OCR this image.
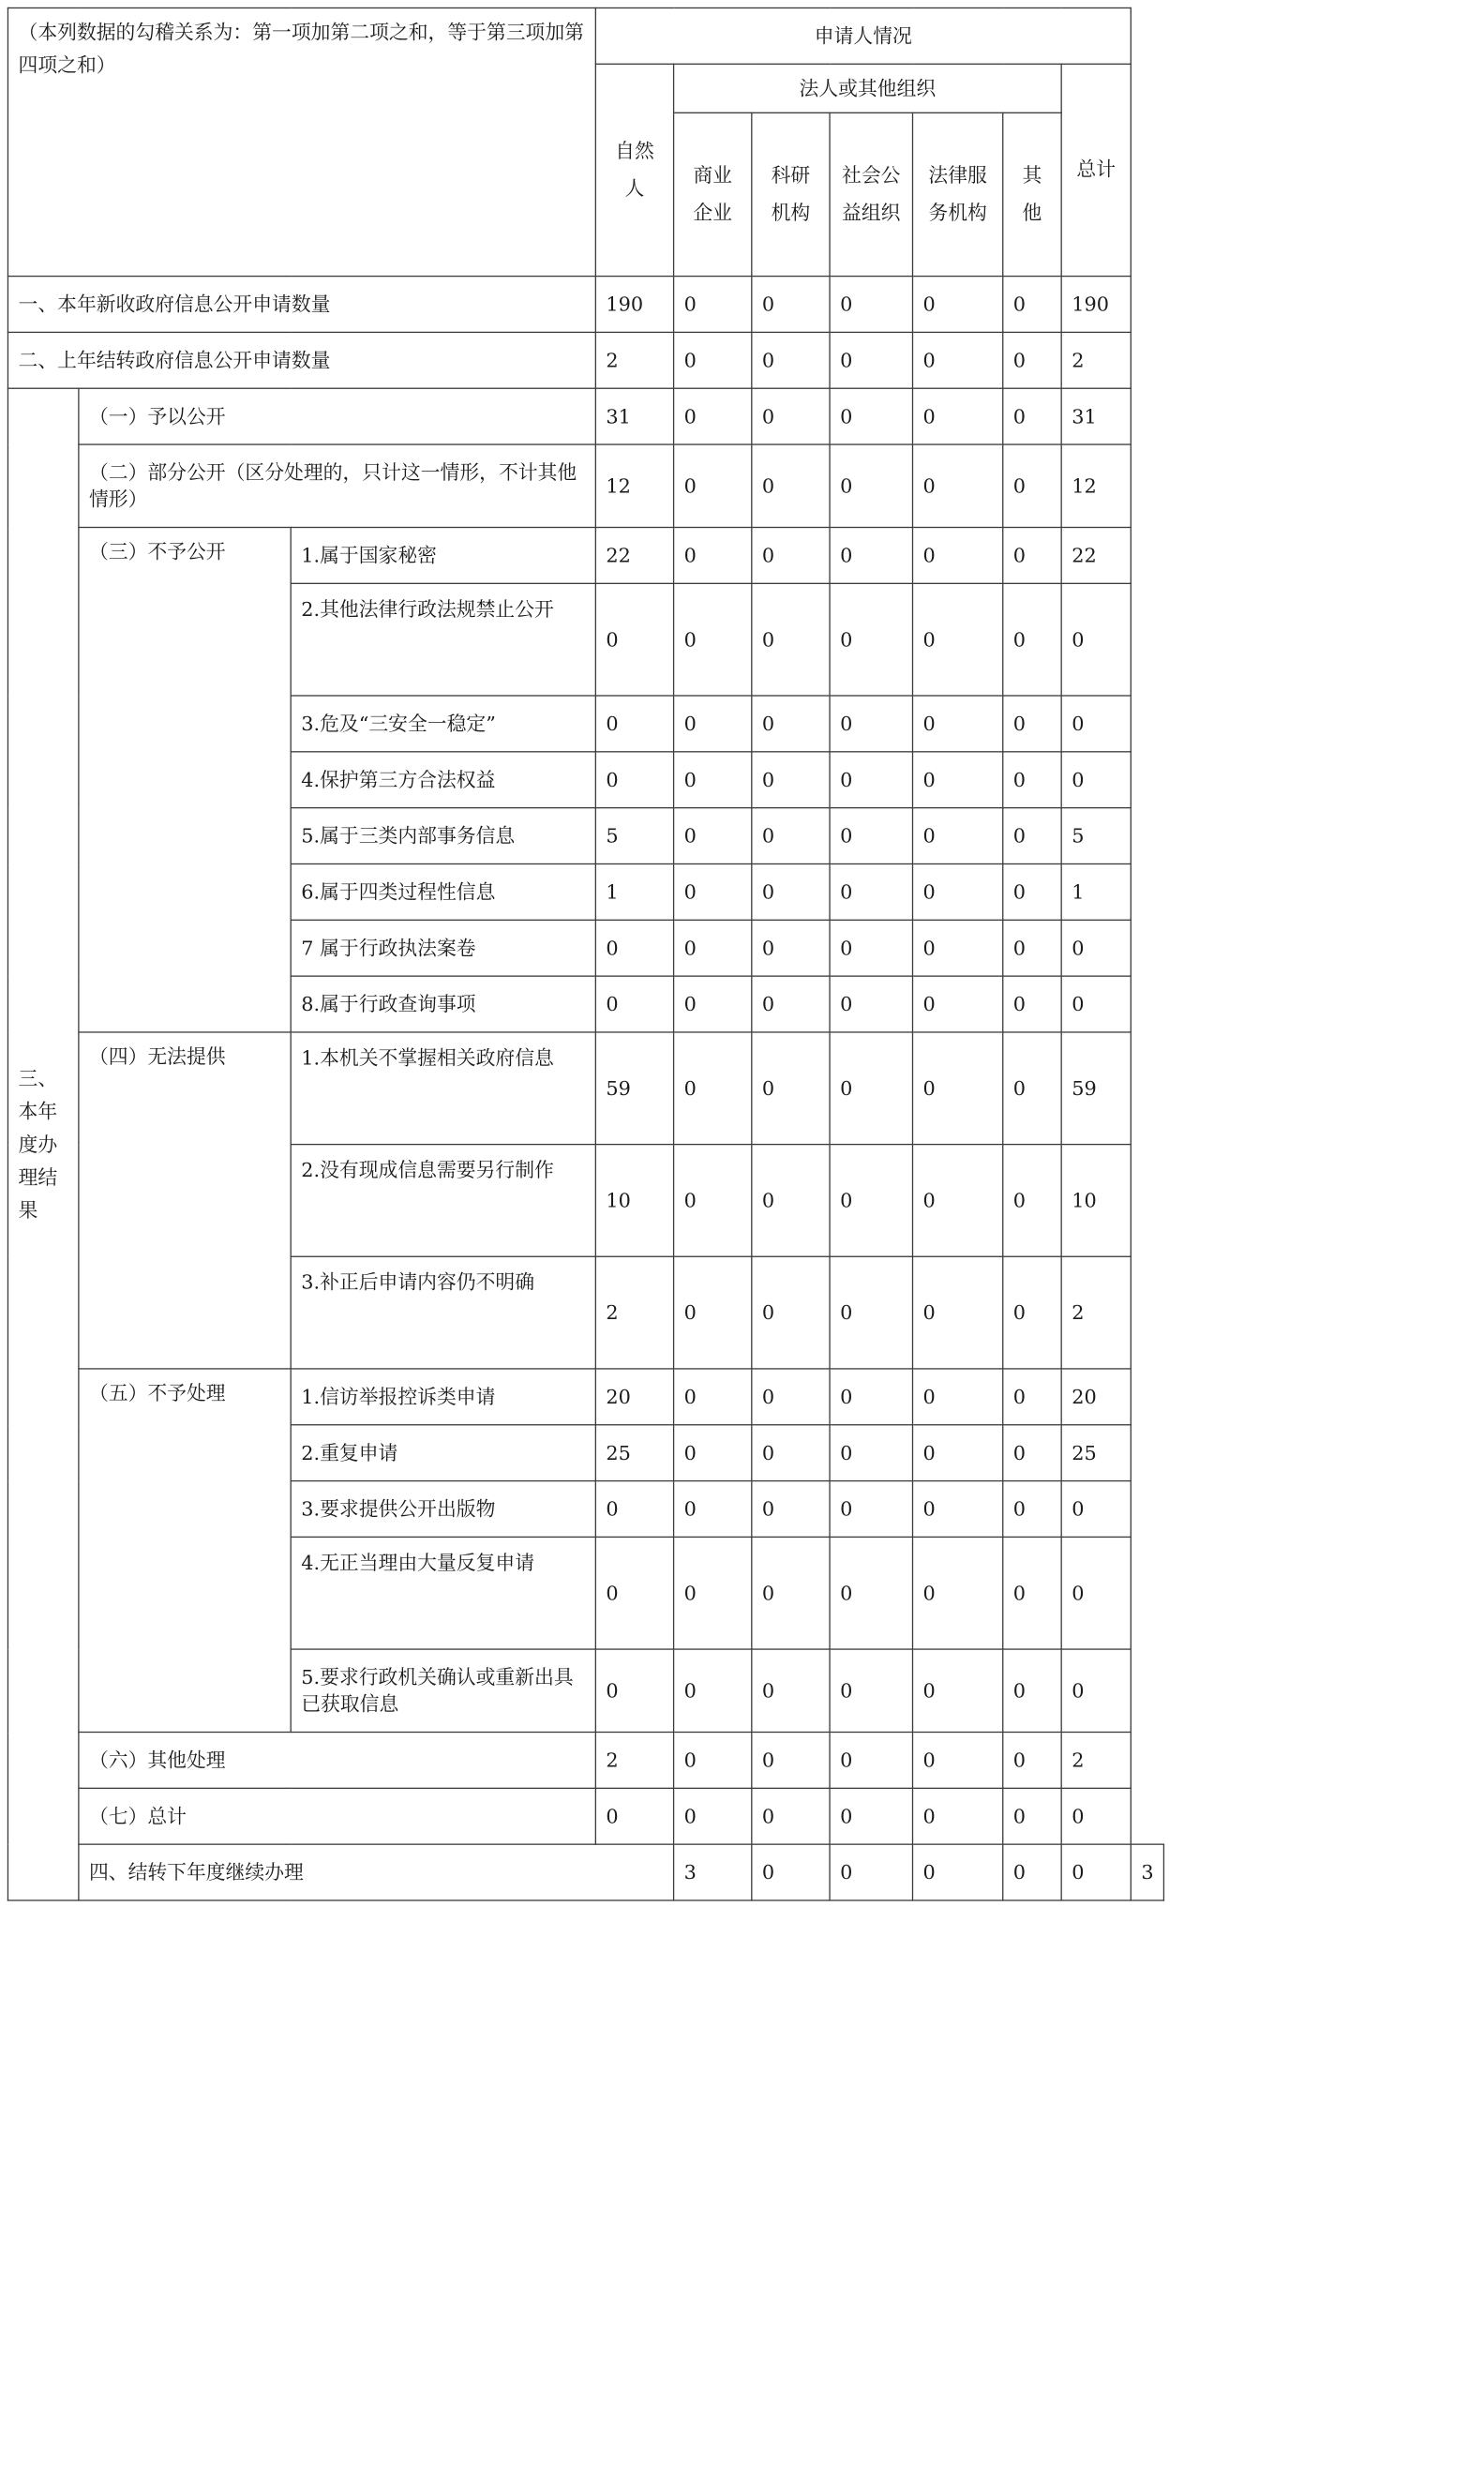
（本列数据的勾稽关系为：第一项加第二项之和，等于第三项加第四项之和）			申请人情况							
			自然人	法人或其他组织					总计	
				商业企业	科研机构	社会公益组织	法律服务机构	其他		
一、本年新收政府信息公开申请数量			190	0	0	0	0	0	190	
二、上年结转政府信息公开申请数量			2	0	0	0	0	0	2	

三、本年度办理结果	（一）予以公开		31	0	0	0	0	0	31	
	（二）部分公开（区分处理的，只计这一情形，不计其他情形）		12	0	0	0	0	0	12	
	（三）不予公开	1.属于国家秘密	22	0	0	0	0	0	22	
		2.其他法律行政法规禁止公开	0	0	0	0	0	0	0	
		3.危及“三安全一稳定”	0	0	0	0	0	0	0	
		4.保护第三方合法权益	0	0	0	0	0	0	0	
		5.属于三类内部事务信息	5	0	0	0	0	0	5	
		6.属于四类过程性信息	1	0	0	0	0	0	1	
		7 属于行政执法案卷	0	0	0	0	0	0	0	
		8.属于行政查询事项	0	0	0	0	0	0	0	
	（四）无法提供	1.本机关不掌握相关政府信息	59	0	0	0	0	0	59	
		2.没有现成信息需要另行制作	10	0	0	0	0	0	10	
		3.补正后申请内容仍不明确	2	0	0	0	0	0	2	
	（五）不予处理	1.信访举报控诉类申请	20	0	0	0	0	0	20	
		2.重复申请	25	0	0	0	0	0	25	
		3.要求提供公开出版物	0	0	0	0	0	0	0	
		4.无正当理由大量反复申请	0	0	0	0	0	0	0	
		5.要求行政机关确认或重新出具已获取信息	0	0	0	0	0	0	0	
	（六）其他处理		2	0	0	0	0	0	2	
	（七）总计		0	0	0	0	0	0	0	
	四、结转下年度继续办理			3	0	0	0	0	0	3
